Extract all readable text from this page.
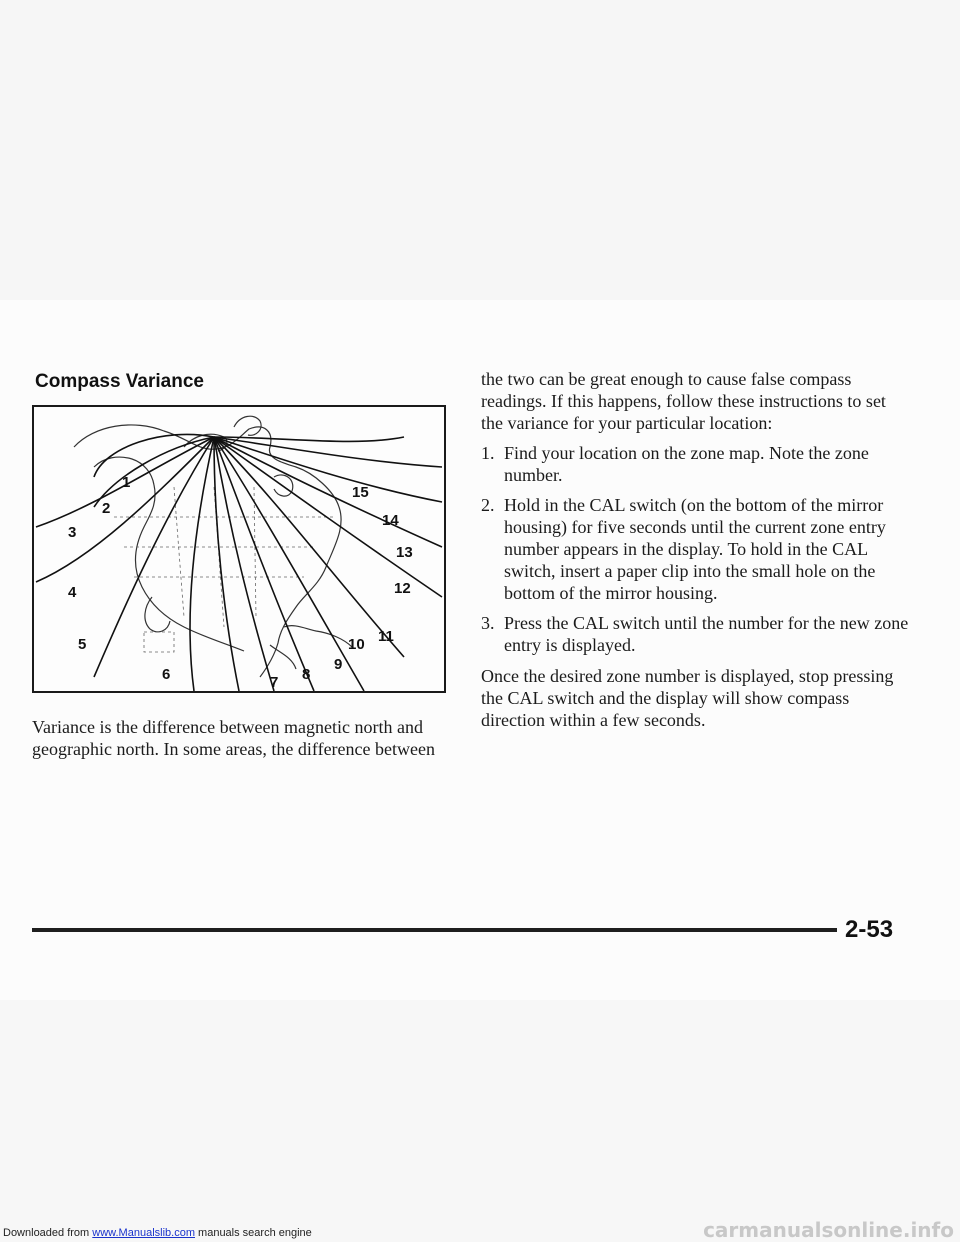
Compass Variance
1
2
3
4
5
6	7 8
9
10 11
12
13
14
15

Variance is the difference between magnetic north and geographic north. In some areas, the difference between

the two can be great enough to cause false compass readings. If this happens, follow these instructions to set the variance for your particular location:

1. Find your location on the zone map. Note the zone number.
2. Hold in the CAL switch (on the bottom of the mirror housing) for five seconds until the current zone entry number appears in the display. To hold in the CAL switch, insert a paper clip into the small hole on the bottom of the mirror housing.
3. Press the CAL switch until the number for the new zone entry is displayed.

Once the desired zone number is displayed, stop pressing the CAL switch and the display will show compass direction within a few seconds.

2-53
Downloaded from www.Manualslib.com manuals search engine	carmanualsonline.info
